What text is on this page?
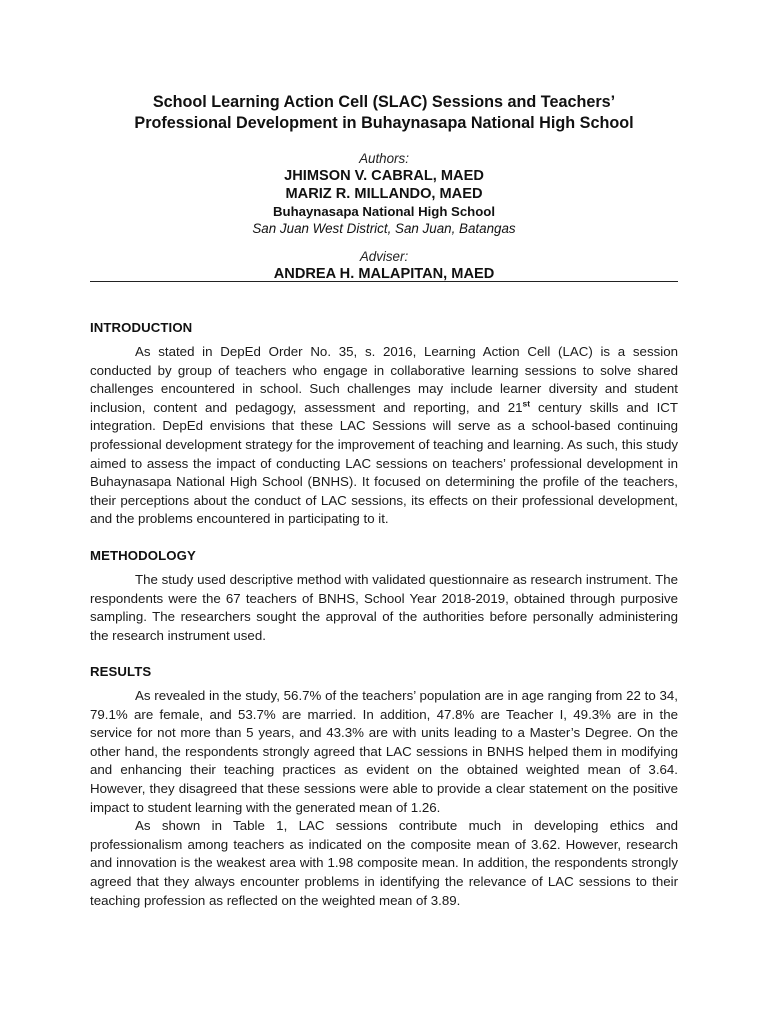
School Learning Action Cell (SLAC) Sessions and Teachers’

Professional Development in Buhaynasapa National High School

Authors:

JHIMSON V. CABRAL, MAED

MARIZ R. MILLANDO, MAED

Buhaynasapa National High School

San Juan West District, San Juan, Batangas

Adviser:

ANDREA H. MALAPITAN, MAED

INTRODUCTION

As stated in DepEd Order No. 35, s. 2016, Learning Action Cell (LAC) is a session conducted by group of teachers who engage in collaborative learning sessions to solve shared challenges encountered in school. Such challenges may include learner diversity and student inclusion, content and pedagogy, assessment and reporting, and 21st century skills and ICT integration. DepEd envisions that these LAC Sessions will serve as a school-based continuing professional development strategy for the improvement of teaching and learning. As such, this study aimed to assess the impact of conducting LAC sessions on teachers’ professional development in Buhaynasapa National High School (BNHS). It focused on determining the profile of the teachers, their perceptions about the conduct of LAC sessions, its effects on their professional development, and the problems encountered in participating to it.

METHODOLOGY

The study used descriptive method with validated questionnaire as research instrument. The respondents were the 67 teachers of BNHS, School Year 2018-2019, obtained through purposive sampling. The researchers sought the approval of the authorities before personally administering the research instrument used.

RESULTS

As revealed in the study, 56.7% of the teachers’ population are in age ranging from 22 to 34, 79.1% are female, and 53.7% are married. In addition, 47.8% are Teacher I, 49.3% are in the service for not more than 5 years, and 43.3% are with units leading to a Master’s Degree. On the other hand, the respondents strongly agreed that LAC sessions in BNHS helped them in modifying and enhancing their teaching practices as evident on the obtained weighted mean of 3.64. However, they disagreed that these sessions were able to provide a clear statement on the positive impact to student learning with the generated mean of 1.26.

As shown in Table 1, LAC sessions contribute much in developing ethics and professionalism among teachers as indicated on the composite mean of 3.62. However, research and innovation is the weakest area with 1.98 composite mean. In addition, the respondents strongly agreed that they always encounter problems in identifying the relevance of LAC sessions to their teaching profession as reflected on the weighted mean of 3.89.
